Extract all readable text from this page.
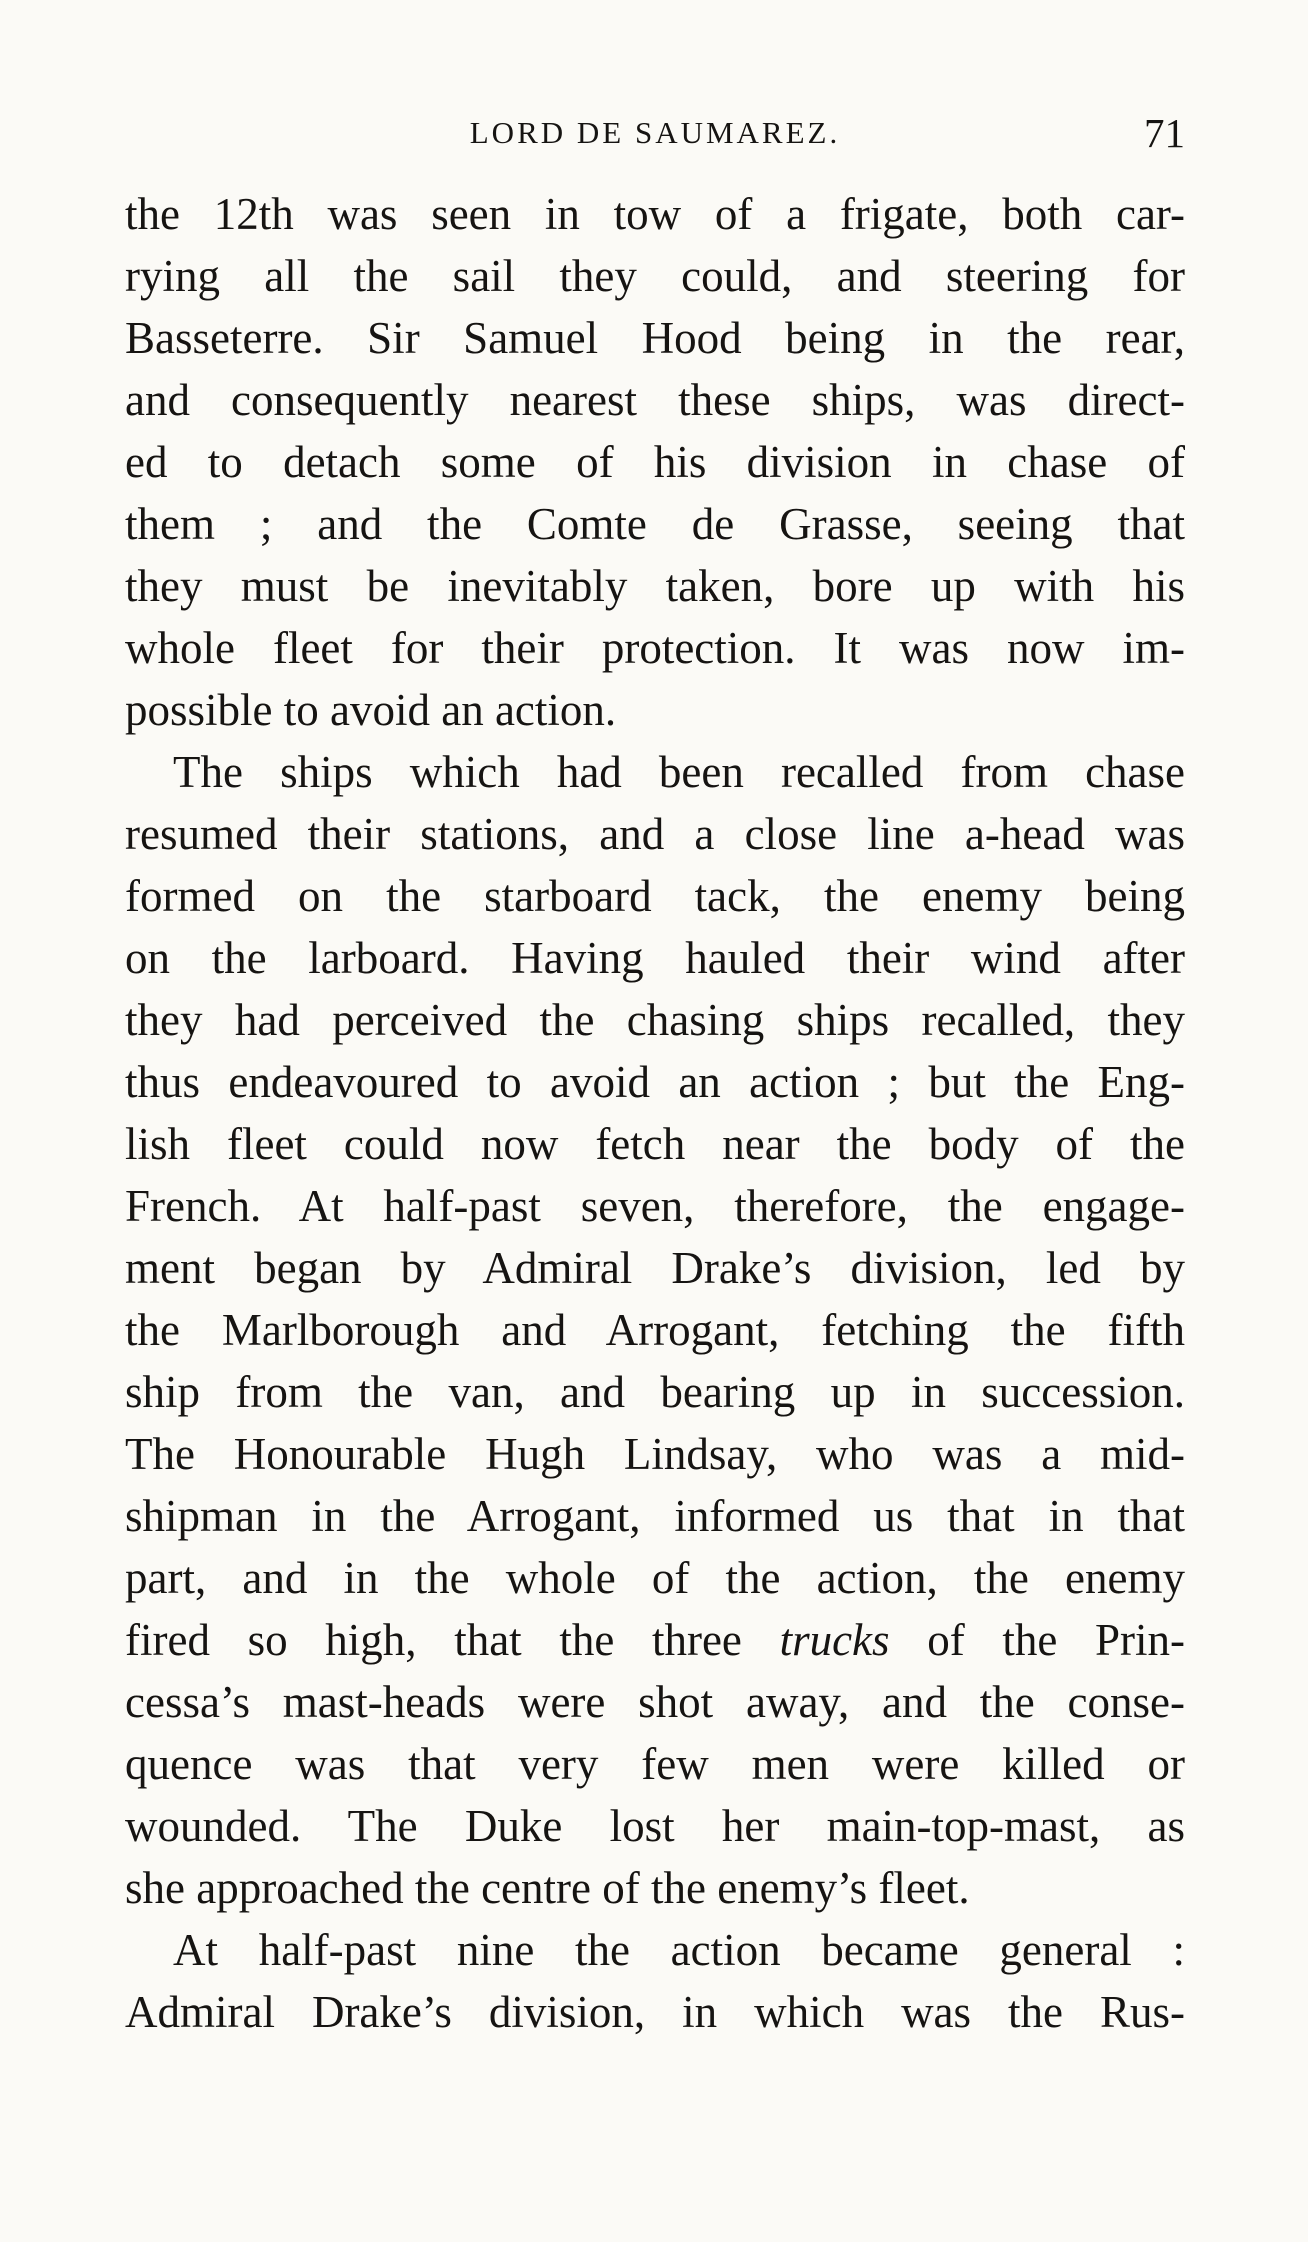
LORD DE SAUMAREZ.	71
the 12th was seen in tow of a frigate, both car-
rying all the sail they could, and steering for
Basseterre. Sir Samuel Hood being in the rear,
and consequently nearest these ships, was direct-
ed to detach some of his division in chase of
them ; and the Comte de Grasse, seeing that
they must be inevitably taken, bore up with his
whole fleet for their protection. It was now im-
possible to avoid an action.
The ships which had been recalled from chase
resumed their stations, and a close line a-head was
formed on the starboard tack, the enemy being
on the larboard. Having hauled their wind after
they had perceived the chasing ships recalled, they
thus endeavoured to avoid an action ; but the Eng-
lish fleet could now fetch near the body of the
French. At half-past seven, therefore, the engage-
ment began by Admiral Drake’s division, led by
the Marlborough and Arrogant, fetching the fifth
ship from the van, and bearing up in succession.
The Honourable Hugh Lindsay, who was a mid-
shipman in the Arrogant, informed us that in that
part, and in the whole of the action, the enemy
fired so high, that the three trucks of the Prin-
cessa’s mast-heads were shot away, and the conse-
quence was that very few men were killed or
wounded. The Duke lost her main-top-mast, as
she approached the centre of the enemy’s fleet.
At half-past nine the action became general :
Admiral Drake’s division, in which was the Rus-
